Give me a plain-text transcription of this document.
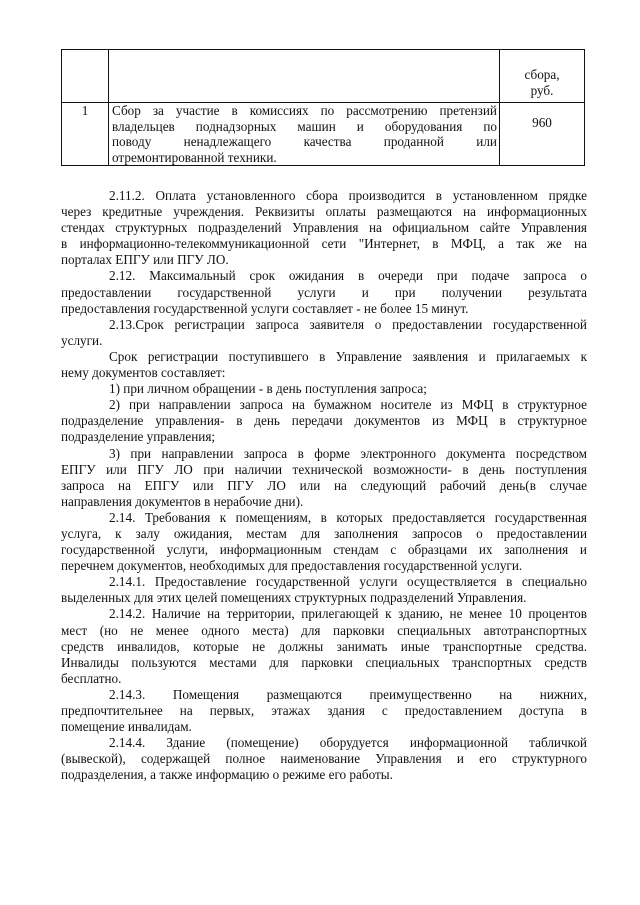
		сбора,
руб.

1	Сбор за участие в комиссиях по рассмотрению претензий
владельцев поднадзорных машин и оборудования по
поводу ненадлежащего качества проданной или
отремонтированной техники.	960
2.11.2. Оплата установленного сбора производится в установленном прядке
через кредитные учреждения. Реквизиты оплаты размещаются на информационных
стендах структурных подразделений Управления на официальном сайте Управления
в информационно-телекоммуникационной сети "Интернет, в МФЦ, а так же на
порталах ЕПГУ или ПГУ ЛО.
2.12. Максимальный срок ожидания в очереди при подаче запроса о
предоставлении государственной услуги и при получении результата
предоставления государственной услуги составляет - не более 15 минут.
2.13.Срок регистрации запроса заявителя о предоставлении государственной
услуги.
Срок регистрации поступившего в Управление заявления и прилагаемых к
нему документов составляет:
1) при личном обращении - в день поступления запроса;
2) при направлении запроса на бумажном носителе из МФЦ в структурное
подразделение управления- в день передачи документов из МФЦ в структурное
подразделение управления;
3) при направлении запроса в форме электронного документа посредством
ЕПГУ или ПГУ ЛО при наличии технической возможности- в день поступления
запроса на ЕПГУ или ПГУ ЛО или на следующий рабочий день(в случае
направления документов в нерабочие дни).
2.14. Требования к помещениям, в которых предоставляется государственная
услуга, к залу ожидания, местам для заполнения запросов о предоставлении
государственной услуги, информационным стендам с образцами их заполнения и
перечнем документов, необходимых для предоставления государственной услуги.
2.14.1. Предоставление государственной услуги осуществляется в специально
выделенных для этих целей помещениях структурных подразделений Управления.
2.14.2. Наличие на территории, прилегающей к зданию, не менее 10 процентов
мест (но не менее одного места) для парковки специальных автотранспортных
средств инвалидов, которые не должны занимать иные транспортные средства.
Инвалиды пользуются местами для парковки специальных транспортных средств
бесплатно.
2.14.3. Помещения размещаются преимущественно на нижних,
предпочтительнее на первых, этажах здания с предоставлением доступа в
помещение инвалидам.
2.14.4. Здание (помещение) оборудуется информационной табличкой
(вывеской), содержащей полное наименование Управления и его структурного
подразделения, а также информацию о режиме его работы.
